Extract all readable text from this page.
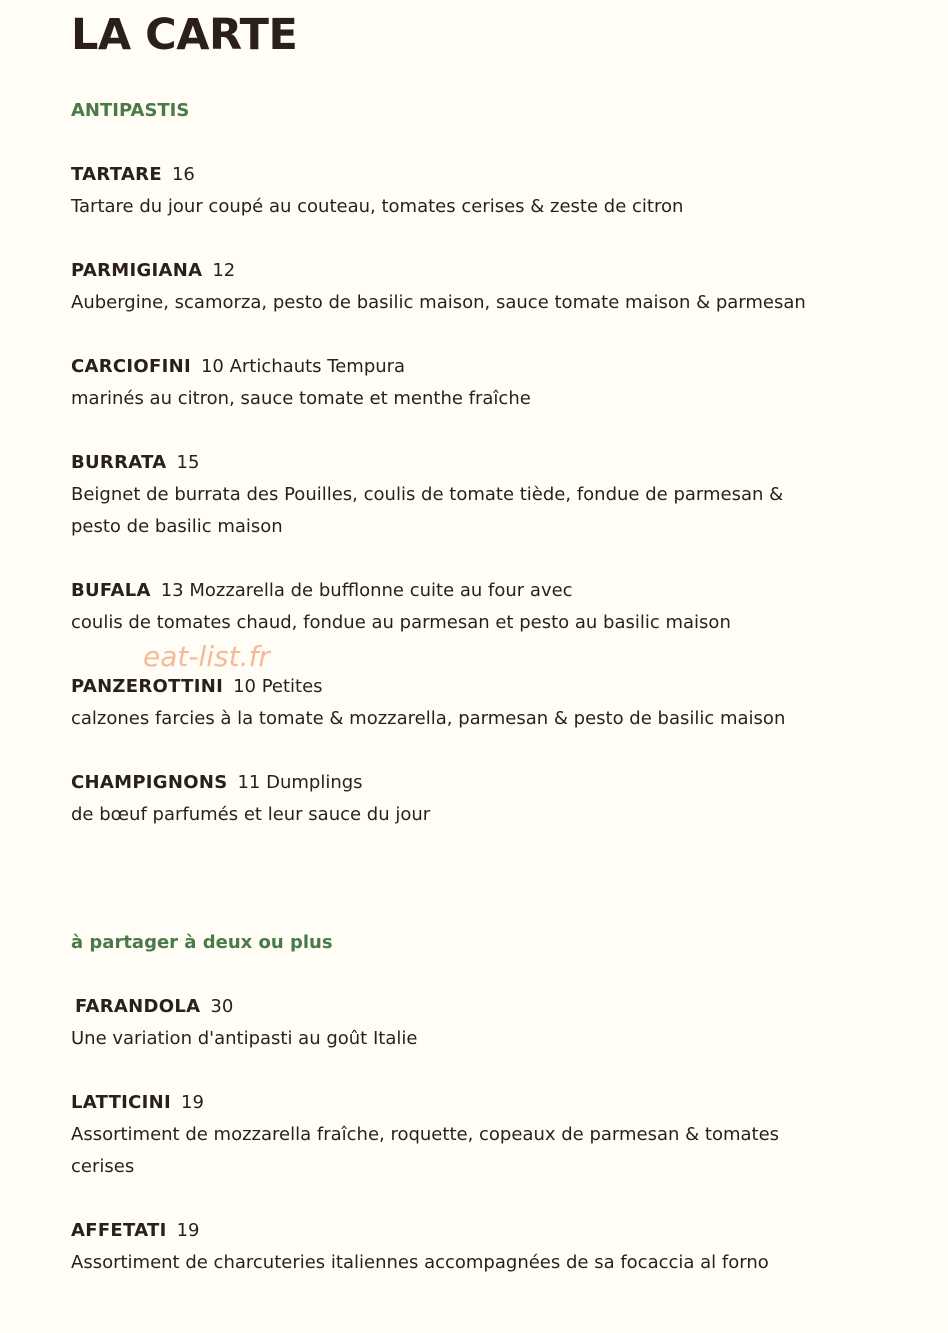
LA CARTE
ANTIPASTIS
TARTARE 16
Tartare du jour coupé au couteau, tomates cerises & zeste de citron
PARMIGIANA 12
Aubergine, scamorza, pesto de basilic maison, sauce tomate maison & parmesan
CARCIOFINI 10 Artichauts Tempura
marinés au citron, sauce tomate et menthe fraîche
BURRATA 15
Beignet de burrata des Pouilles, coulis de tomate tiède, fondue de parmesan & pesto de basilic maison
BUFALA 13 Mozzarella de bufflonne cuite au four avec
coulis de tomates chaud, fondue au parmesan et pesto au basilic maison
PANZEROTTINI 10 Petites
calzones farcies à la tomate & mozzarella, parmesan & pesto de basilic maison
CHAMPIGNONS 11 Dumplings
de bœuf parfumés et leur sauce du jour
à partager à deux ou plus
FARANDOLA 30
Une variation d'antipasti au goût Italie
LATTICINI 19
Assortiment de mozzarella fraîche, roquette, copeaux de parmesan & tomates cerises
AFFETATI 19
Assortiment de charcuteries italiennes accompagnées de sa focaccia al forno
eat-list.fr
